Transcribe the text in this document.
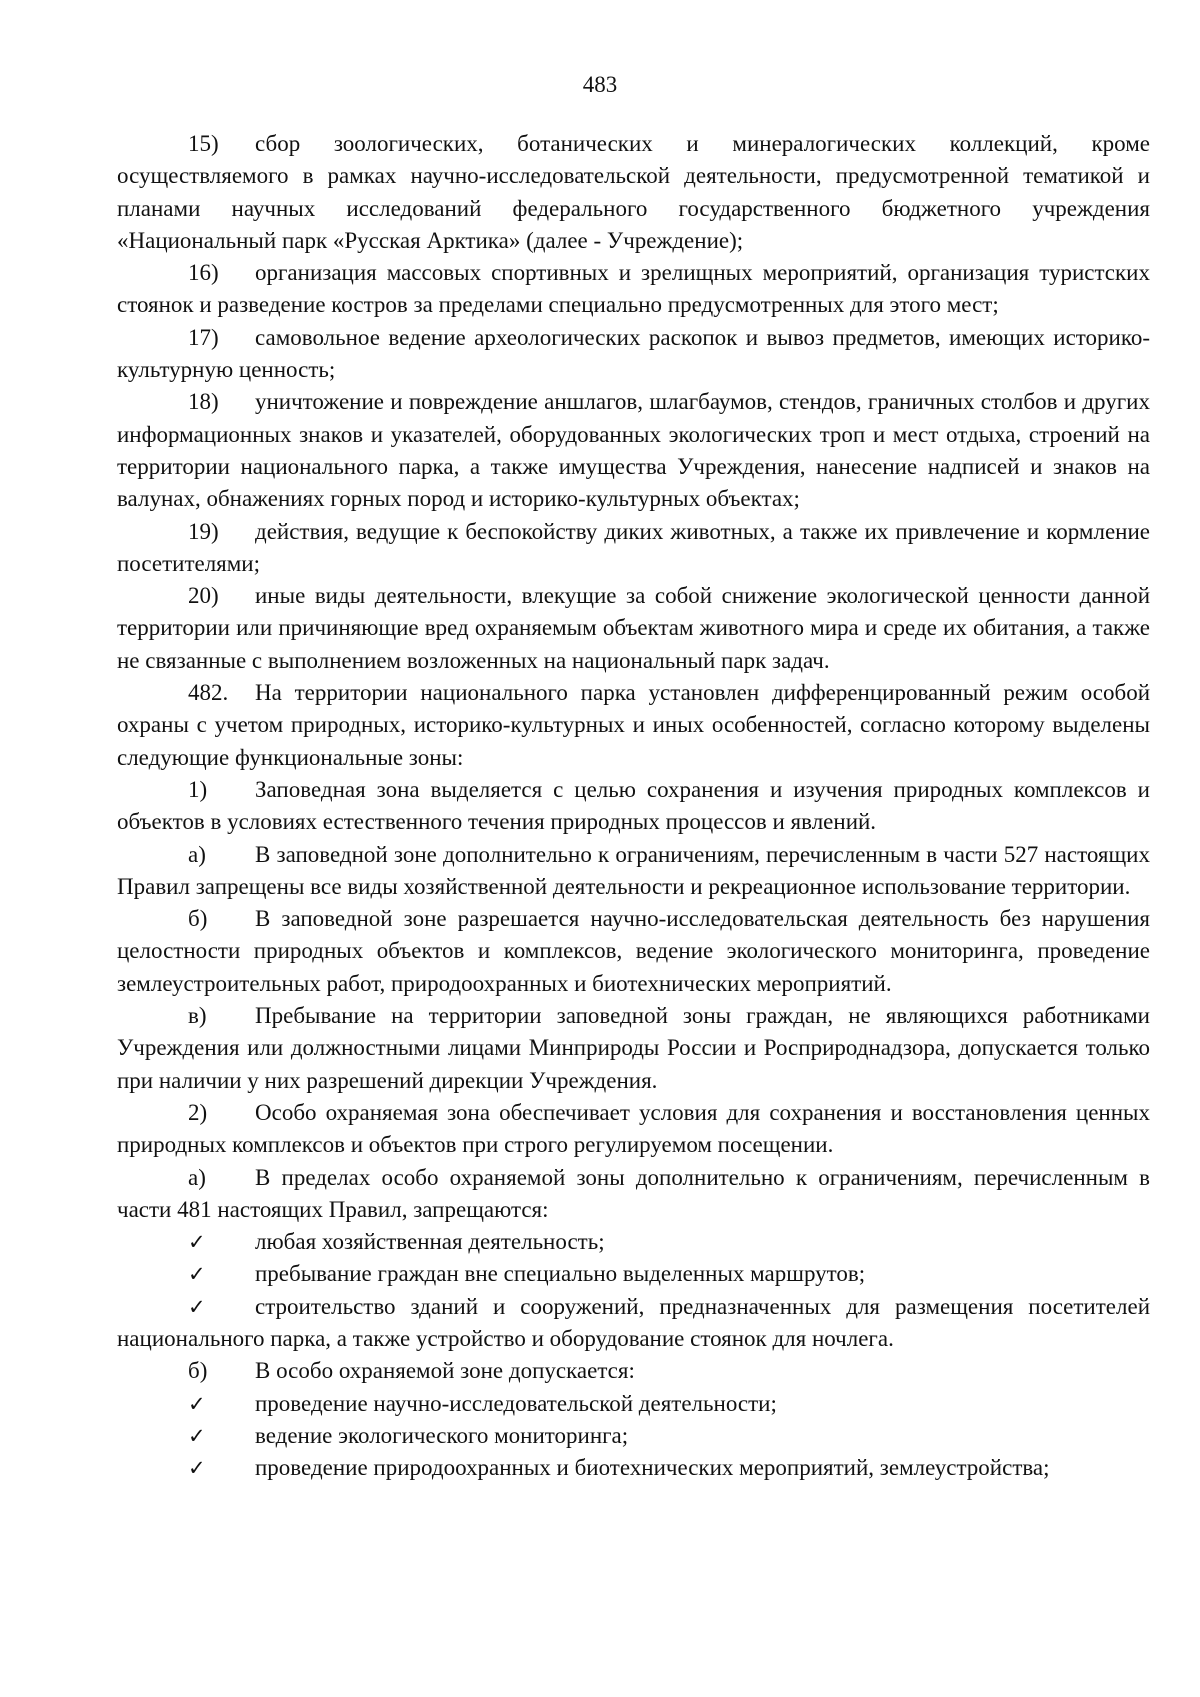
483

15) сбор зоологических, ботанических и минералогических коллекций, кроме осуществляемого в рамках научно-исследовательской деятельности, предусмотренной тематикой и планами научных исследований федерального государственного бюджетного учреждения «Национальный парк «Русская Арктика» (далее - Учреждение);

16) организация массовых спортивных и зрелищных мероприятий, организация туристских стоянок и разведение костров за пределами специально предусмотренных для этого мест;

17) самовольное ведение археологических раскопок и вывоз предметов, имеющих историко-культурную ценность;

18) уничтожение и повреждение аншлагов, шлагбаумов, стендов, граничных столбов и других информационных знаков и указателей, оборудованных экологических троп и мест отдыха, строений на территории национального парка, а также имущества Учреждения, нанесение надписей и знаков на валунах, обнажениях горных пород и историко-культурных объектах;

19) действия, ведущие к беспокойству диких животных, а также их привлечение и кормление посетителями;

20) иные виды деятельности, влекущие за собой снижение экологической ценности данной территории или причиняющие вред охраняемым объектам животного мира и среде их обитания, а также не связанные с выполнением возложенных на национальный парк задач.

482. На территории национального парка установлен дифференцированный режим особой охраны с учетом природных, историко-культурных и иных особенностей, согласно которому выделены следующие функциональные зоны:

1) Заповедная зона выделяется с целью сохранения и изучения природных комплексов и объектов в условиях естественного течения природных процессов и явлений.

а) В заповедной зоне дополнительно к ограничениям, перечисленным в части 527 настоящих Правил запрещены все виды хозяйственной деятельности и рекреационное использование территории.

б) В заповедной зоне разрешается научно-исследовательская деятельность без нарушения целостности природных объектов и комплексов, ведение экологического мониторинга, проведение землеустроительных работ, природоохранных и биотехнических мероприятий.

в) Пребывание на территории заповедной зоны граждан, не являющихся работниками Учреждения или должностными лицами Минприроды России и Росприроднадзора, допускается только при наличии у них разрешений дирекции Учреждения.

2) Особо охраняемая зона обеспечивает условия для сохранения и восстановления ценных природных комплексов и объектов при строго регулируемом посещении.

а) В пределах особо охраняемой зоны дополнительно к ограничениям, перечисленным в части 481 настоящих Правил, запрещаются:

✓ любая хозяйственная деятельность;

✓ пребывание граждан вне специально выделенных маршрутов;

✓ строительство зданий и сооружений, предназначенных для размещения посетителей национального парка, а также устройство и оборудование стоянок для ночлега.

б) В особо охраняемой зоне допускается:

✓ проведение научно-исследовательской деятельности;

✓ ведение экологического мониторинга;

✓ проведение природоохранных и биотехнических мероприятий, землеустройства;
